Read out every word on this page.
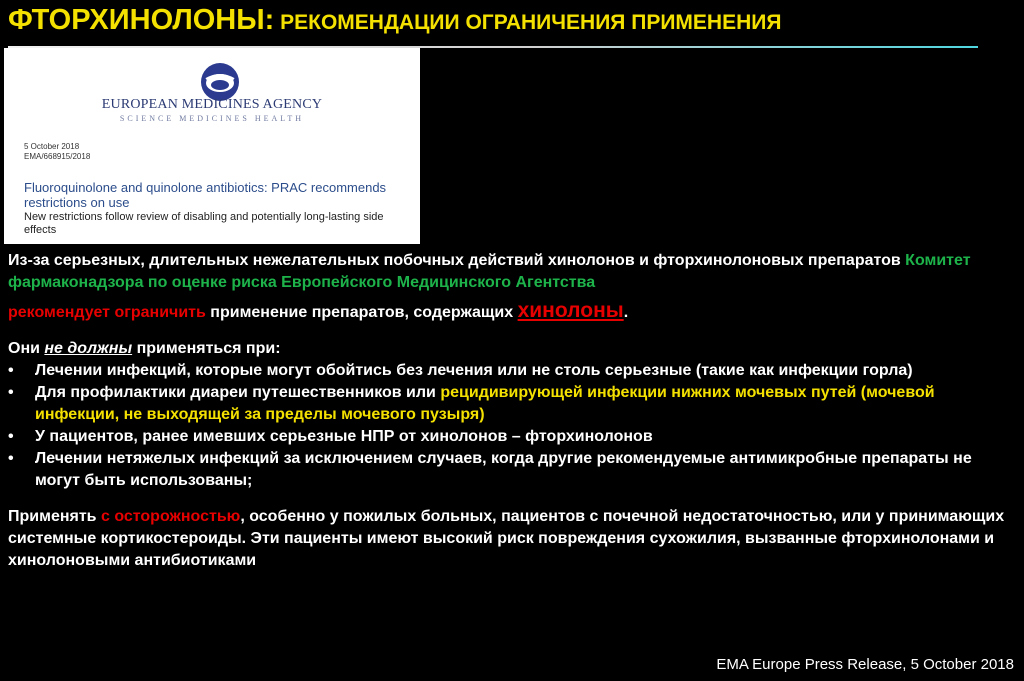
ФТОРХИНОЛОНЫ: РЕКОМЕНДАЦИИ ОГРАНИЧЕНИЯ ПРИМЕНЕНИЯ
EUROPEAN MEDICINES AGENCY
SCIENCE MEDICINES HEALTH
5 October 2018
EMA/668915/2018
Fluoroquinolone and quinolone antibiotics: PRAC recommends restrictions on use
New restrictions follow review of disabling and potentially long-lasting side effects
Из-за серьезных, длительных нежелательных побочных действий хинолонов и фторхинолоновых препаратов Комитет фармаконадзора по оценке риска Европейского Медицинского Агентства
рекомендует ограничить применение препаратов, содержащих хинолоны.
Они не должны применяться при:
• Лечении инфекций, которые могут обойтись без лечения или не столь серьезные (такие как инфекции горла)
• Для профилактики диареи путешественников или рецидивирующей инфекции нижних мочевых путей (мочевой инфекции, не выходящей за пределы мочевого пузыря)
• У пациентов, ранее имевших серьезные НПР от хинолонов – фторхинолонов
• Лечении нетяжелых инфекций за исключением случаев, когда другие рекомендуемые антимикробные препараты не могут быть использованы;
Применять с осторожностью, особенно у пожилых больных, пациентов с почечной недостаточностью, или у принимающих системные кортикостероиды. Эти пациенты имеют высокий риск повреждения сухожилия, вызванные фторхинолонами и хинолоновыми антибиотиками
EMA Europe Press Release, 5 October 2018
